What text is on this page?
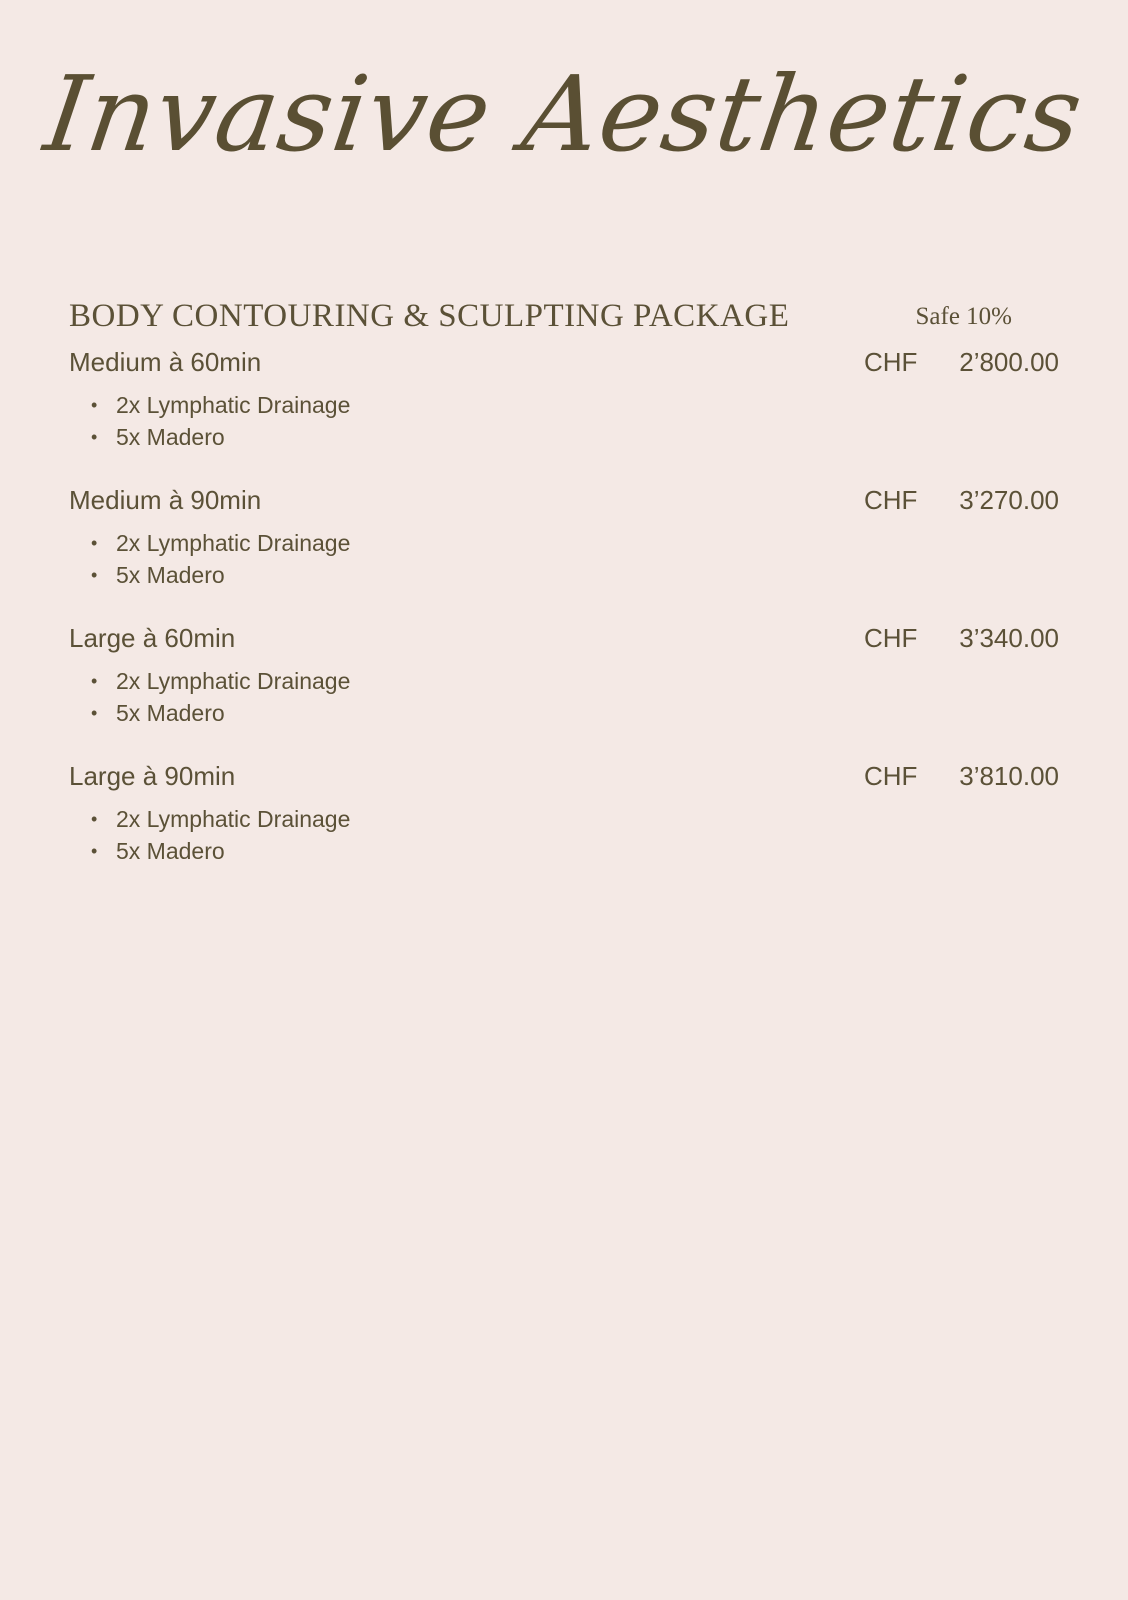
Invasive Aesthetics
BODY CONTOURING & SCULPTING PACKAGE	Safe 10%
Medium à 60min	CHF 2’800.00
• 2x Lymphatic Drainage
• 5x Madero
Medium à 90min	CHF 3’270.00
• 2x Lymphatic Drainage
• 5x Madero
Large à 60min	CHF 3’340.00
• 2x Lymphatic Drainage
• 5x Madero
Large à 90min	CHF 3’810.00
• 2x Lymphatic Drainage
• 5x Madero
